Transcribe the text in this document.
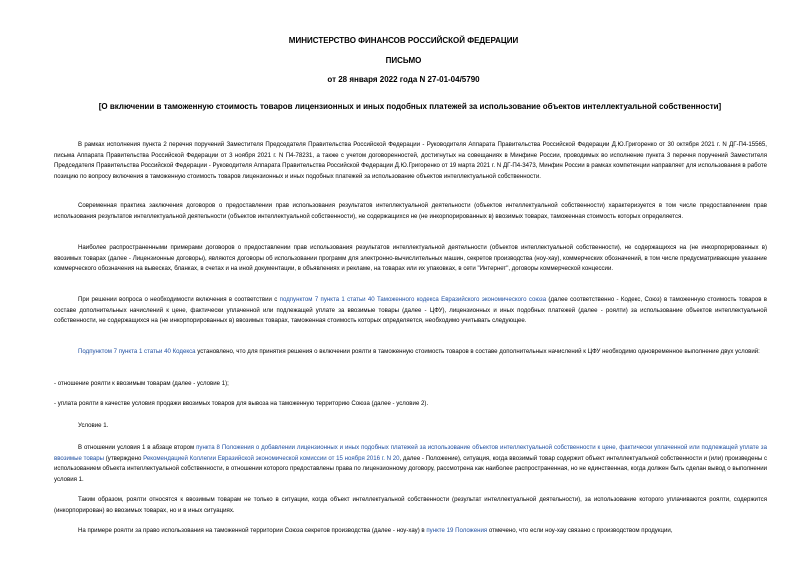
МИНИСТЕРСТВО ФИНАНСОВ РОССИЙСКОЙ ФЕДЕРАЦИИ
ПИСЬМО
от 28 января 2022 года N 27-01-04/5790
[О включении в таможенную стоимость товаров лицензионных и иных подобных платежей за использование объектов интеллектуальной собственности]
В рамках исполнения пункта 2 перечня поручений Заместителя Председателя Правительства Российской Федерации - Руководителя Аппарата Правительства Российской Федерации Д.Ю.Григоренко от 30 октября 2021 г. N ДГ-П4-15565, письма Аппарата Правительства Российской Федерации от 3 ноября 2021 г. N П4-78231, а также с учетом договоренностей, достигнутых на совещаниях в Минфине России, проводимых во исполнение пункта 3 перечня поручений Заместителя Председателя Правительства Российской Федерации - Руководителя Аппарата Правительства Российской Федерации Д.Ю.Григоренко от 19 марта 2021 г. N ДГ-П4-3473, Минфин России в рамках компетенции направляет для использования в работе позицию по вопросу включения в таможенную стоимость товаров лицензионных и иных подобных платежей за использование объектов интеллектуальной собственности.
Современная практика заключения договоров о предоставлении прав использования результатов интеллектуальной деятельности (объектов интеллектуальной собственности) характеризуется в том числе предоставлением прав использования результатов интеллектуальной деятельности (объектов интеллектуальной собственности), не содержащихся не (не инкорпорированных в) ввозимых товарах, таможенная стоимость которых определяется.
Наиболее распространенными примерами договоров о предоставлении прав использования результатов интеллектуальной деятельности (объектов интеллектуальной собственности), не содержащихся на (не инкорпорированных в) ввозимых товарах (далее - Лицензионные договоры), являются договоры об использовании программ для электронно-вычислительных машин, секретов производства (ноу-хау), коммерческих обозначений, в том числе предусматривающие указание коммерческого обозначения на вывесках, бланках, в счетах и на иной документации, в объявлениях и рекламе, на товарах или их упаковках, в сети "Интернет", договоры коммерческой концессии.
При решении вопроса о необходимости включения в соответствии с подпунктом 7 пункта 1 статьи 40 Таможенного кодекса Евразийского экономического союза (далее соответственно - Кодекс, Союз) в таможенную стоимость товаров в составе дополнительных начислений к цене, фактически уплаченной или подлежащей уплате за ввозимые товары (далее - ЦФУ), лицензионных и иных подобных платежей (далее - роялти) за использование объектов интеллектуальной собственности, не содержащихся на (не инкорпорированных в) ввозимых товарах, таможенная стоимость которых определяется, необходимо учитывать следующее.
Подпунктом 7 пункта 1 статьи 40 Кодекса установлено, что для принятия решения о включении роялти в таможенную стоимость товаров в составе дополнительных начислений к ЦФУ необходимо одновременное выполнение двух условий:
- отношение роялти к ввозимым товарам (далее - условие 1);
- уплата роялти в качестве условия продажи ввозимых товаров для вывоза на таможенную территорию Союза (далее - условие 2).
Условие 1.
В отношении условия 1 в абзаце втором пункта 8 Положения о добавлении лицензионных и иных подобных платежей за использование объектов интеллектуальной собственности к цене, фактически уплаченной или подлежащей уплате за ввозимые товары (утверждено Рекомендацией Коллегии Евразийской экономической комиссии от 15 ноября 2016 г. N 20, далее - Положение), ситуация, когда ввозимый товар содержит объект интеллектуальной собственности и (или) произведены с использованием объекта интеллектуальной собственности, в отношении которого предоставлены права по лицензионному договору, рассмотрена как наиболее распространенная, но не единственная, когда должен быть сделан вывод о выполнении условия 1.
Таким образом, роялти относятся к ввозимым товарам не только в ситуации, когда объект интеллектуальной собственности (результат интеллектуальной деятельности), за использование которого уплачиваются роялти, содержится (инкорпорирован) во ввозимых товарах, но и в иных ситуациях.
На примере роялти за право использования на таможенной территории Союза секретов производства (далее - ноу-хау) в пункте 19 Положения отмечено, что если ноу-хау связано с производством продукции,
